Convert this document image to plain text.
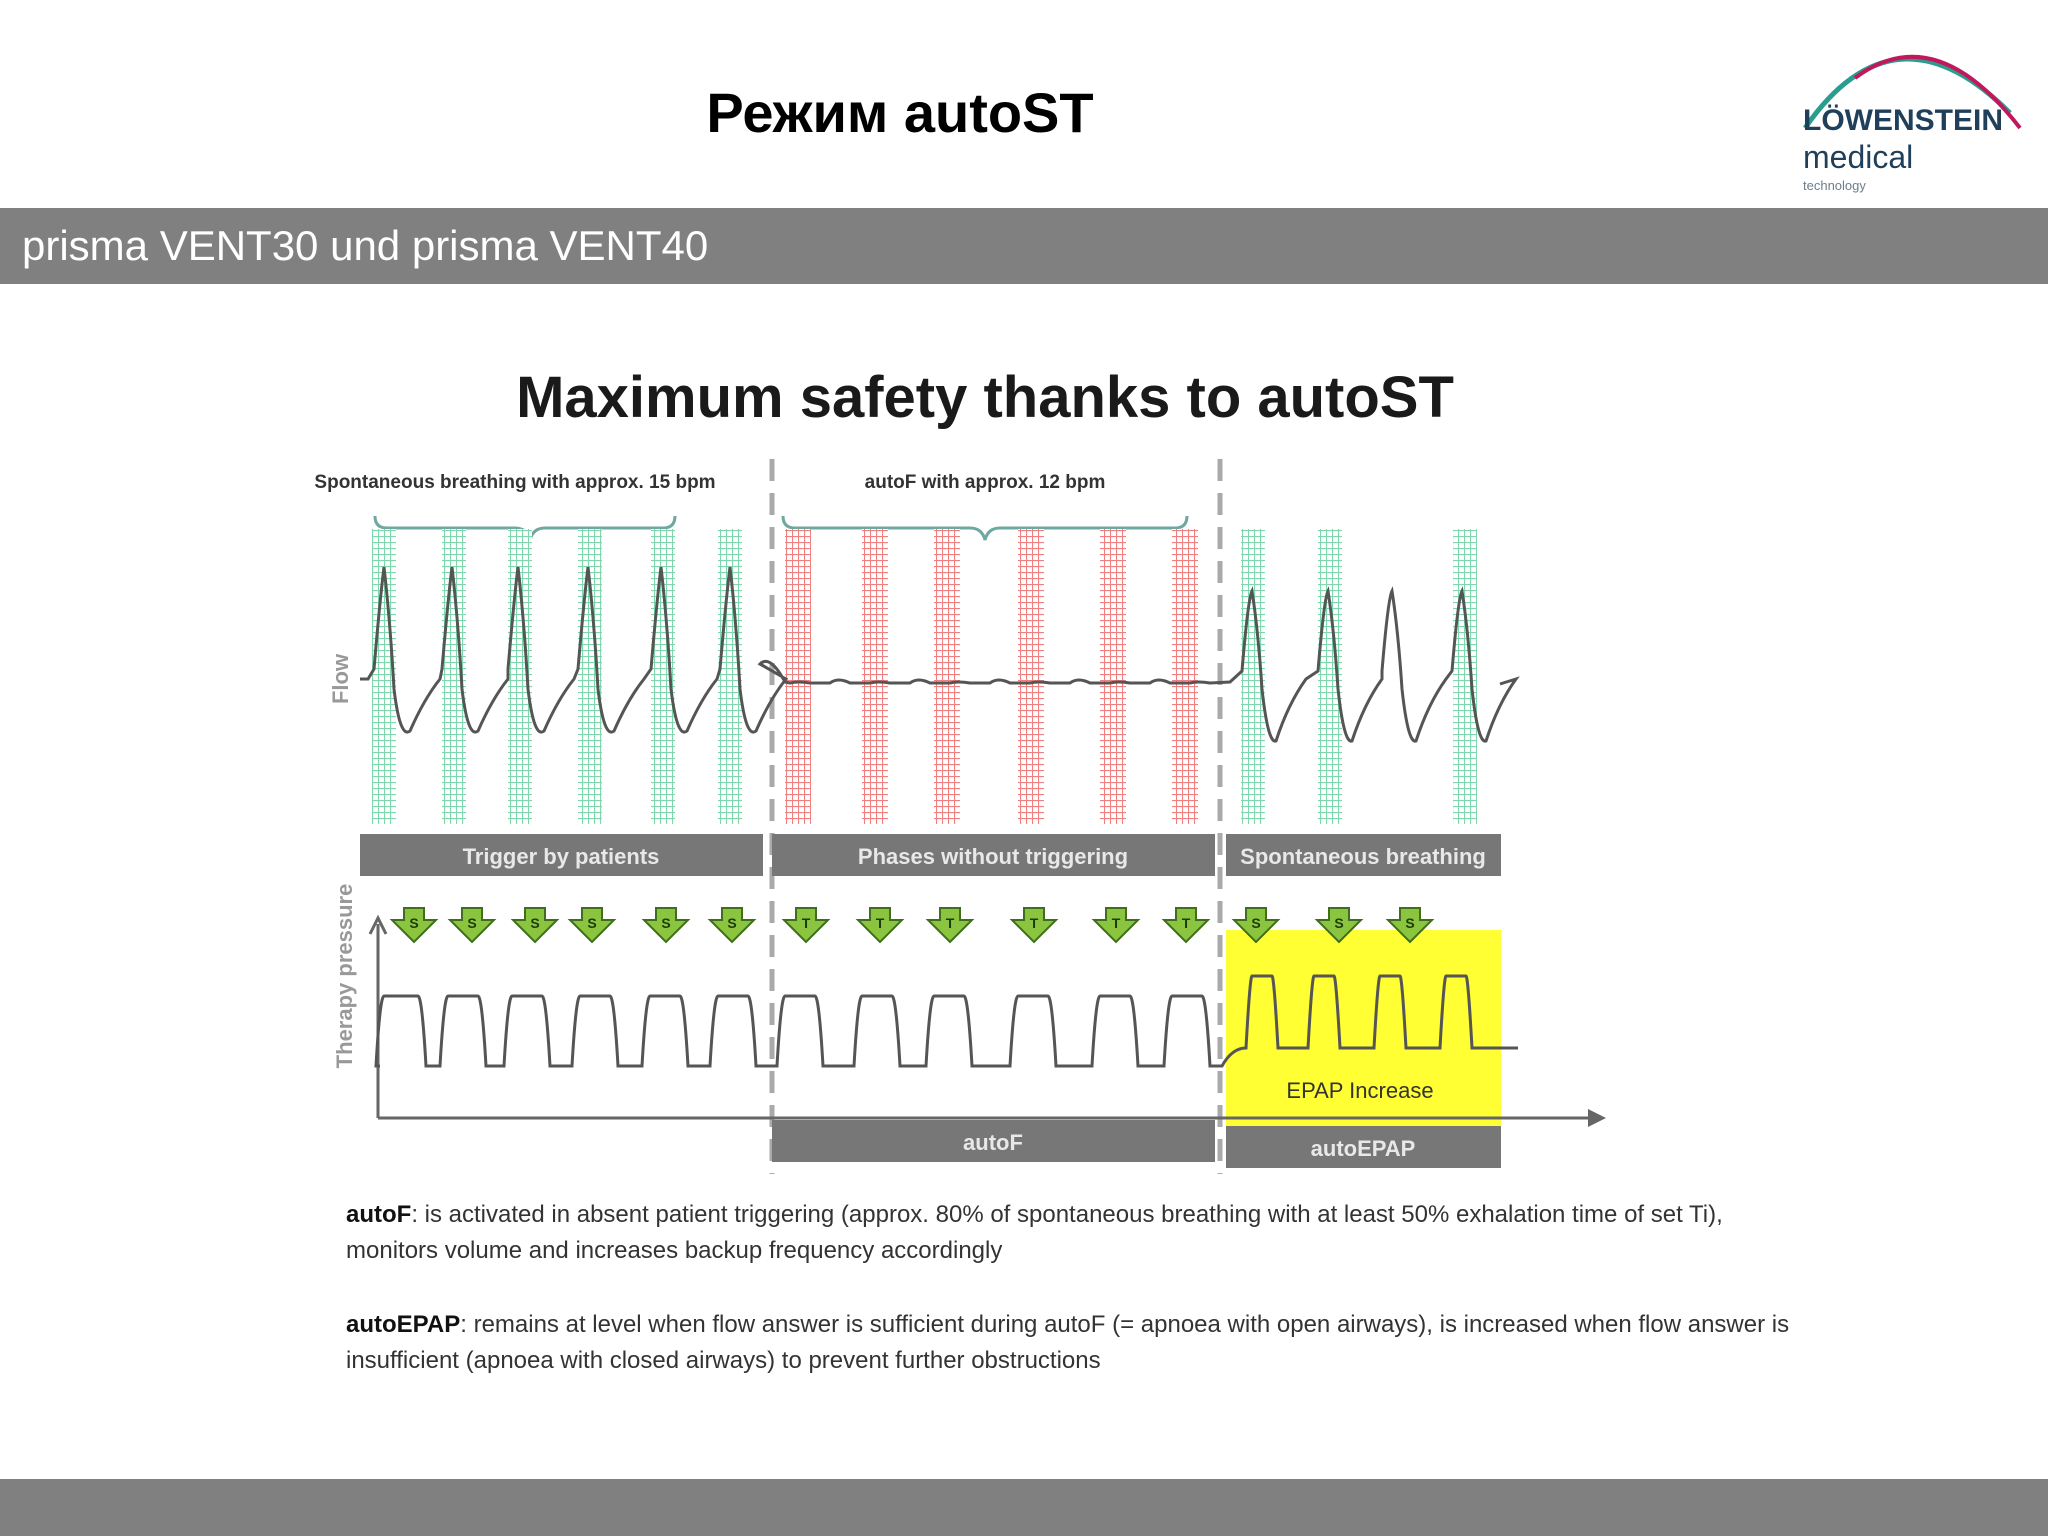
Режим autoST	LÖWENSTEIN
medical
technology
prisma VENT30 und prisma VENT40
Maximum safety thanks to autoST
Spontaneous breathing with approx. 15 bpm	autoF with approx. 12 bpm
Flow
Trigger by patients	Phases without triggering	Spontaneous breathing
EPAP Increase
Therapy pressure	S	S	S	S	S	S	T	T	T	T	T	T	S	S	S
autoF	autoEPAP
autoF: is activated in absent patient triggering (approx. 80% of spontaneous breathing with at least 50% exhalation time of set Ti), monitors volume and increases backup frequency accordingly
autoEPAP: remains at level when flow answer is sufficient during autoF (= apnoea with open airways), is increased when flow answer is insufficient (apnoea with closed airways) to prevent further obstructions
